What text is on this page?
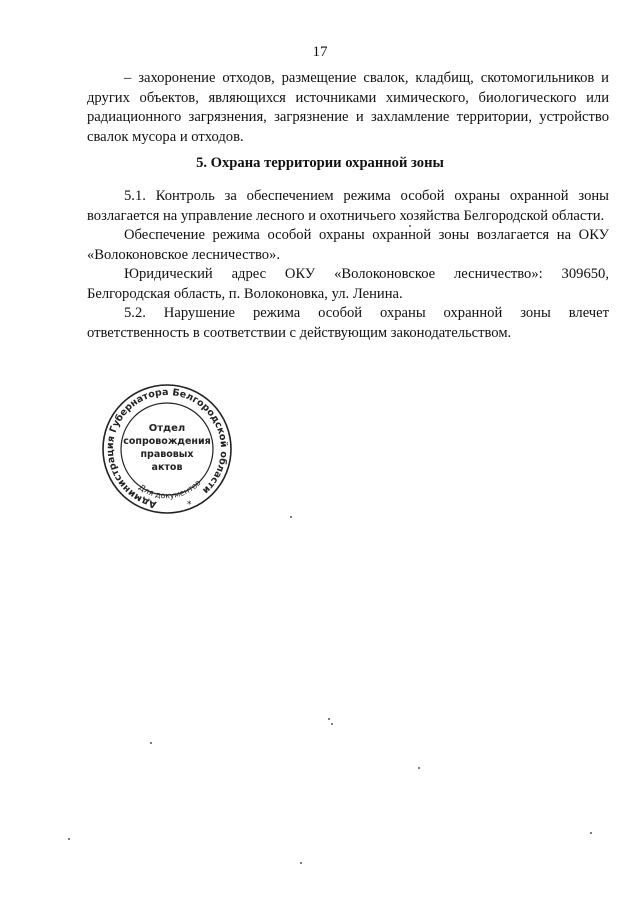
17

– захоронение отходов, размещение свалок, кладбищ, скотомогильников и других объектов, являющихся источниками химического, биологического или радиационного загрязнения, загрязнение и захламление территории, устройство свалок мусора и отходов.

5. Охрана территории охранной зоны

5.1. Контроль за обеспечением режима особой охраны охранной зоны возлагается на управление лесного и охотничьего хозяйства Белгородской области.

Обеспечение режима особой охраны охранной зоны возлагается на ОКУ «Волоконовское лесничество».

Юридический адрес ОКУ «Волоконовское лесничество»: 309650, Белгородская область, п. Волоконовка, ул. Ленина.

5.2. Нарушение режима особой охраны охранной зоны влечет ответственность в соответствии с действующим законодательством.

Администрация Губернатора Белгородской области
Для документов
Отдел
сопровождения
правовых
актов
*
